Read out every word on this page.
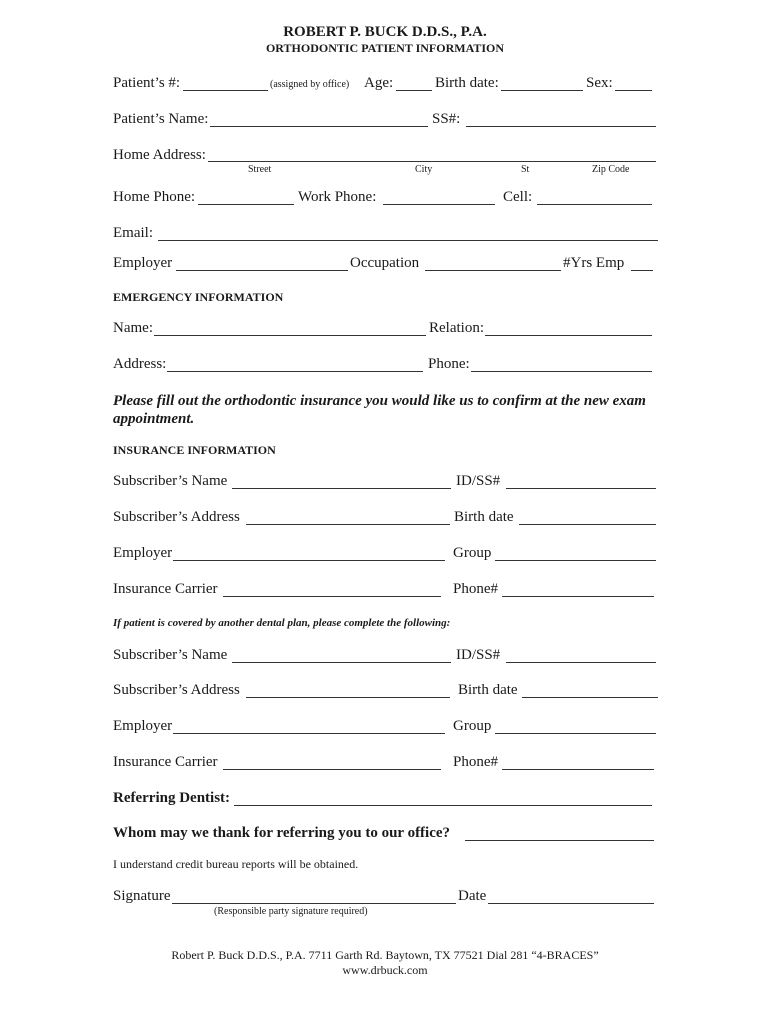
ROBERT P. BUCK D.D.S., P.A.
ORTHODONTIC PATIENT INFORMATION
Patient’s #:	(assigned by office) Age:	Birth date:	Sex:
Patient’s Name:	SS#:
Home Address:
Street	City	St	Zip Code
Home Phone:	Work Phone:	Cell:
Email:
Employer	Occupation	#Yrs Emp
EMERGENCY INFORMATION
Name:	Relation:
Address:	Phone:
Please fill out the orthodontic insurance you would like us to confirm at the new exam
appointment.
INSURANCE INFORMATION
Subscriber’s Name	ID/SS#
Subscriber’s Address	Birth date
Employer	Group
Insurance Carrier	Phone#
If patient is covered by another dental plan, please complete the following:
Subscriber’s Name	ID/SS#
Subscriber’s Address	Birth date
Employer	Group
Insurance Carrier	Phone#
Referring Dentist:
Whom may we thank for referring you to our office?
I understand credit bureau reports will be obtained.
Signature	Date
(Responsible party signature required)
Robert P. Buck D.D.S., P.A. 7711 Garth Rd. Baytown, TX 77521 Dial 281 “4-BRACES”
www.drbuck.com
